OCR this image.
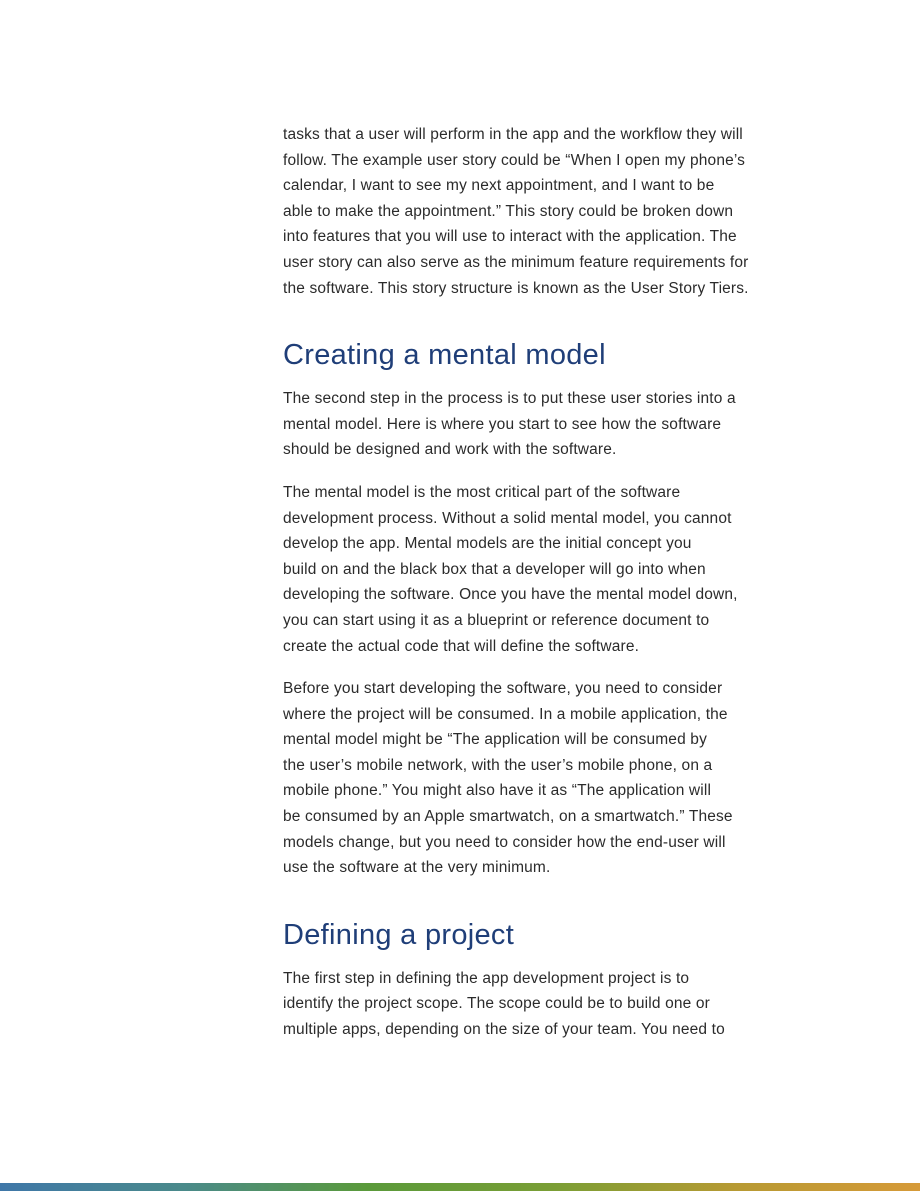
tasks that a user will perform in the app and the workflow they will
follow. The example user story could be “When I open my phone’s
calendar, I want to see my next appointment, and I want to be
able to make the appointment.” This story could be broken down
into features that you will use to interact with the application. The
user story can also serve as the minimum feature requirements for
the software. This story structure is known as the User Story Tiers.

Creating a mental model

The second step in the process is to put these user stories into a
mental model. Here is where you start to see how the software
should be designed and work with the software.

The mental model is the most critical part of the software
development process. Without a solid mental model, you cannot
develop the app. Mental models are the initial concept you
build on and the black box that a developer will go into when
developing the software. Once you have the mental model down,
you can start using it as a blueprint or reference document to
create the actual code that will define the software.

Before you start developing the software, you need to consider
where the project will be consumed. In a mobile application, the
mental model might be “The application will be consumed by
the user’s mobile network, with the user’s mobile phone, on a
mobile phone.” You might also have it as “The application will
be consumed by an Apple smartwatch, on a smartwatch.” These
models change, but you need to consider how the end-user will
use the software at the very minimum.

Defining a project

The first step in defining the app development project is to
identify the project scope. The scope could be to build one or
multiple apps, depending on the size of your team. You need to
